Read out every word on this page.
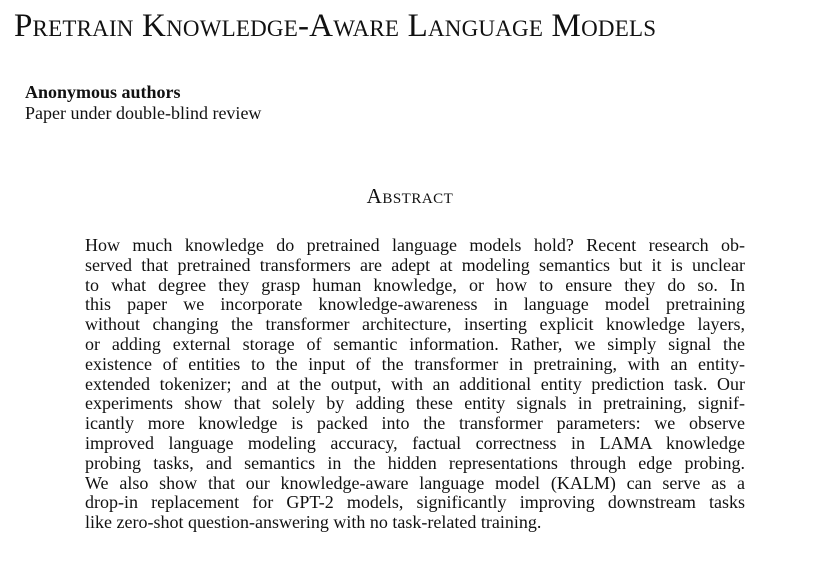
Pretrain Knowledge-Aware Language Models
Anonymous authors
Paper under double-blind review
Abstract
How much knowledge do pretrained language models hold? Recent research ob-
served that pretrained transformers are adept at modeling semantics but it is unclear
to what degree they grasp human knowledge, or how to ensure they do so. In
this paper we incorporate knowledge-awareness in language model pretraining
without changing the transformer architecture, inserting explicit knowledge layers,
or adding external storage of semantic information. Rather, we simply signal the
existence of entities to the input of the transformer in pretraining, with an entity-
extended tokenizer; and at the output, with an additional entity prediction task. Our
experiments show that solely by adding these entity signals in pretraining, signif-
icantly more knowledge is packed into the transformer parameters: we observe
improved language modeling accuracy, factual correctness in LAMA knowledge
probing tasks, and semantics in the hidden representations through edge probing.
We also show that our knowledge-aware language model (KALM) can serve as a
drop-in replacement for GPT-2 models, significantly improving downstream tasks
like zero-shot question-answering with no task-related training.
